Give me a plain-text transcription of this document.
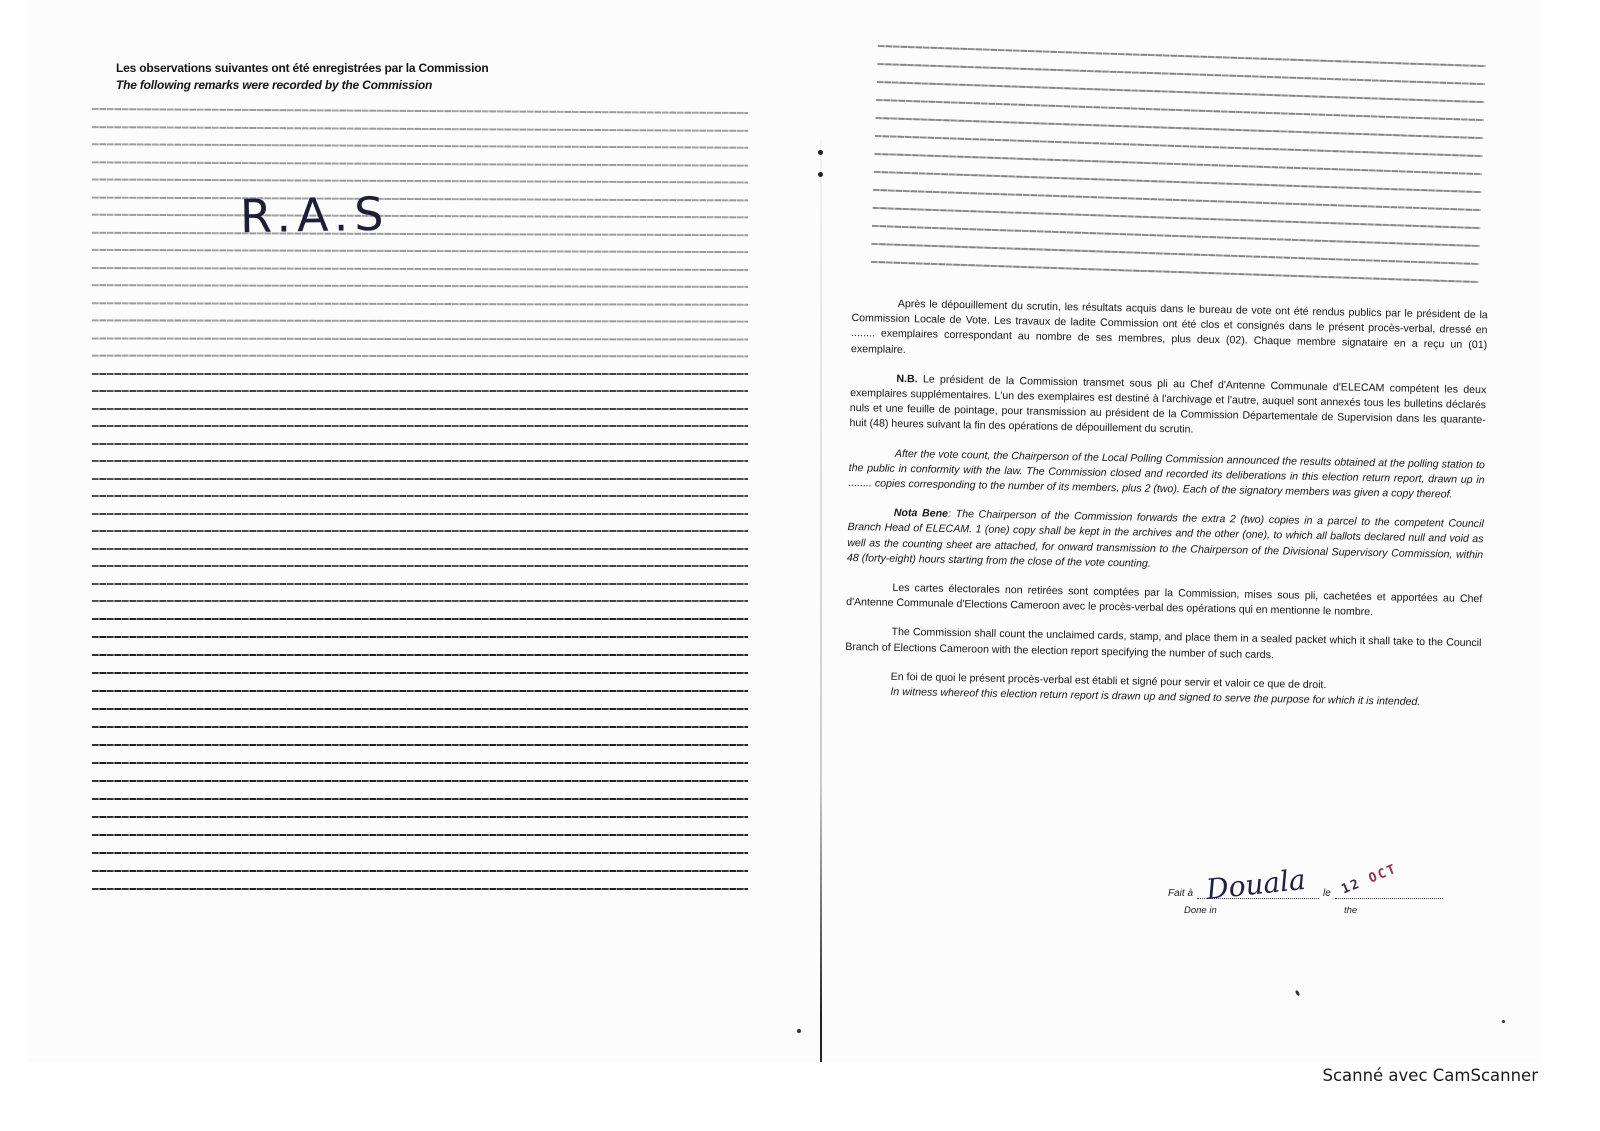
Les observations suivantes ont été enregistrées par la Commission
The following remarks were recorded by the Commission
R.A.S

Après le dépouillement du scrutin, les résultats acquis dans le bureau de vote ont été rendus publics par le président de la Commission Locale de Vote. Les travaux de ladite Commission ont été clos et consignés dans le présent procès-verbal, dressé en ........ exemplaires correspondant au nombre de ses membres, plus deux (02). Chaque membre signataire en a reçu un (01) exemplaire.

N.B. Le président de la Commission transmet sous pli au Chef d'Antenne Communale d'ELECAM compétent les deux exemplaires supplémentaires. L'un des exemplaires est destiné à l'archivage et l'autre, auquel sont annexés tous les bulletins déclarés nuls et une feuille de pointage, pour transmission au président de la Commission Départementale de Supervision dans les quarante-huit (48) heures suivant la fin des opérations de dépouillement du scrutin.

After the vote count, the Chairperson of the Local Polling Commission announced the results obtained at the polling station to the public in conformity with the law. The Commission closed and recorded its deliberations in this election return report, drawn up in ........ copies corresponding to the number of its members, plus 2 (two). Each of the signatory members was given a copy thereof.

Nota Bene: The Chairperson of the Commission forwards the extra 2 (two) copies in a parcel to the competent Council Branch Head of ELECAM. 1 (one) copy shall be kept in the archives and the other (one), to which all ballots declared null and void as well as the counting sheet are attached, for onward transmission to the Chairperson of the Divisional Supervisory Commission, within 48 (forty-eight) hours starting from the close of the vote counting.

Les cartes électorales non retirées sont comptées par la Commission, mises sous pli, cachetées et apportées au Chef d'Antenne Communale d'Elections Cameroon avec le procès-verbal des opérations qui en mentionne le nombre.

The Commission shall count the unclaimed cards, stamp, and place them in a sealed packet which it shall take to the Council Branch of Elections Cameroon with the election report specifying the number of such cards.

En foi de quoi le présent procès-verbal est établi et signé pour servir et valoir ce que de droit.

In witness whereof this election return report is drawn up and signed to serve the purpose for which it is intended.

Fait à	le
Done in	the
Douala 12 OCT
Scanné avec CamScanner
